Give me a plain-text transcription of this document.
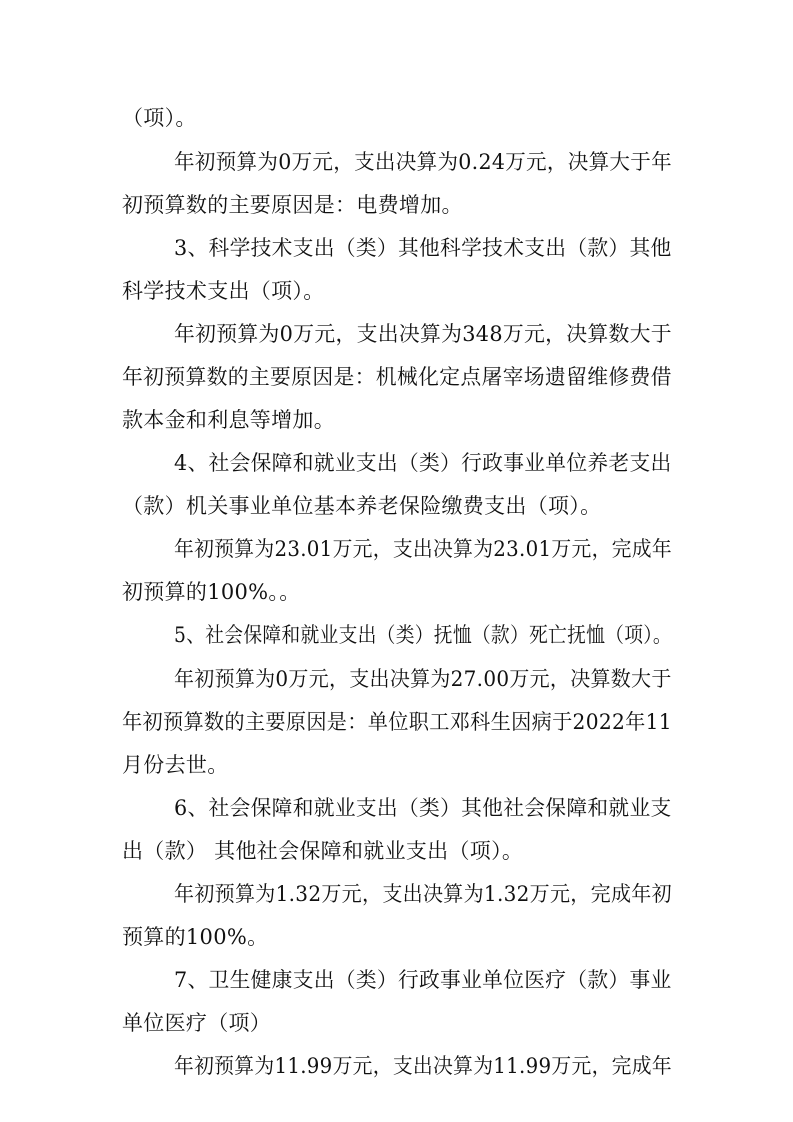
（项）。
年初预算为0万元，支出决算为0.24万元，决算大于年
初预算数的主要原因是：电费增加。
3、科学技术支出（类）其他科学技术支出（款）其他
科学技术支出（项）。
年初预算为0万元，支出决算为348万元，决算数大于
年初预算数的主要原因是：机械化定点屠宰场遗留维修费借
款本金和利息等增加。
4、社会保障和就业支出（类）行政事业单位养老支出
（款）机关事业单位基本养老保险缴费支出（项）。
年初预算为23.01万元，支出决算为23.01万元，完成年
初预算的100%。。
5、社会保障和就业支出（类）抚恤（款）死亡抚恤（项）。
年初预算为0万元，支出决算为27.00万元，决算数大于
年初预算数的主要原因是：单位职工邓科生因病于2022年11
月份去世。
6、社会保障和就业支出（类）其他社会保障和就业支
出（款） 其他社会保障和就业支出（项）。
年初预算为1.32万元，支出决算为1.32万元，完成年初
预算的100%。
7、卫生健康支出（类）行政事业单位医疗（款）事业
单位医疗（项）
年初预算为11.99万元，支出决算为11.99万元，完成年
